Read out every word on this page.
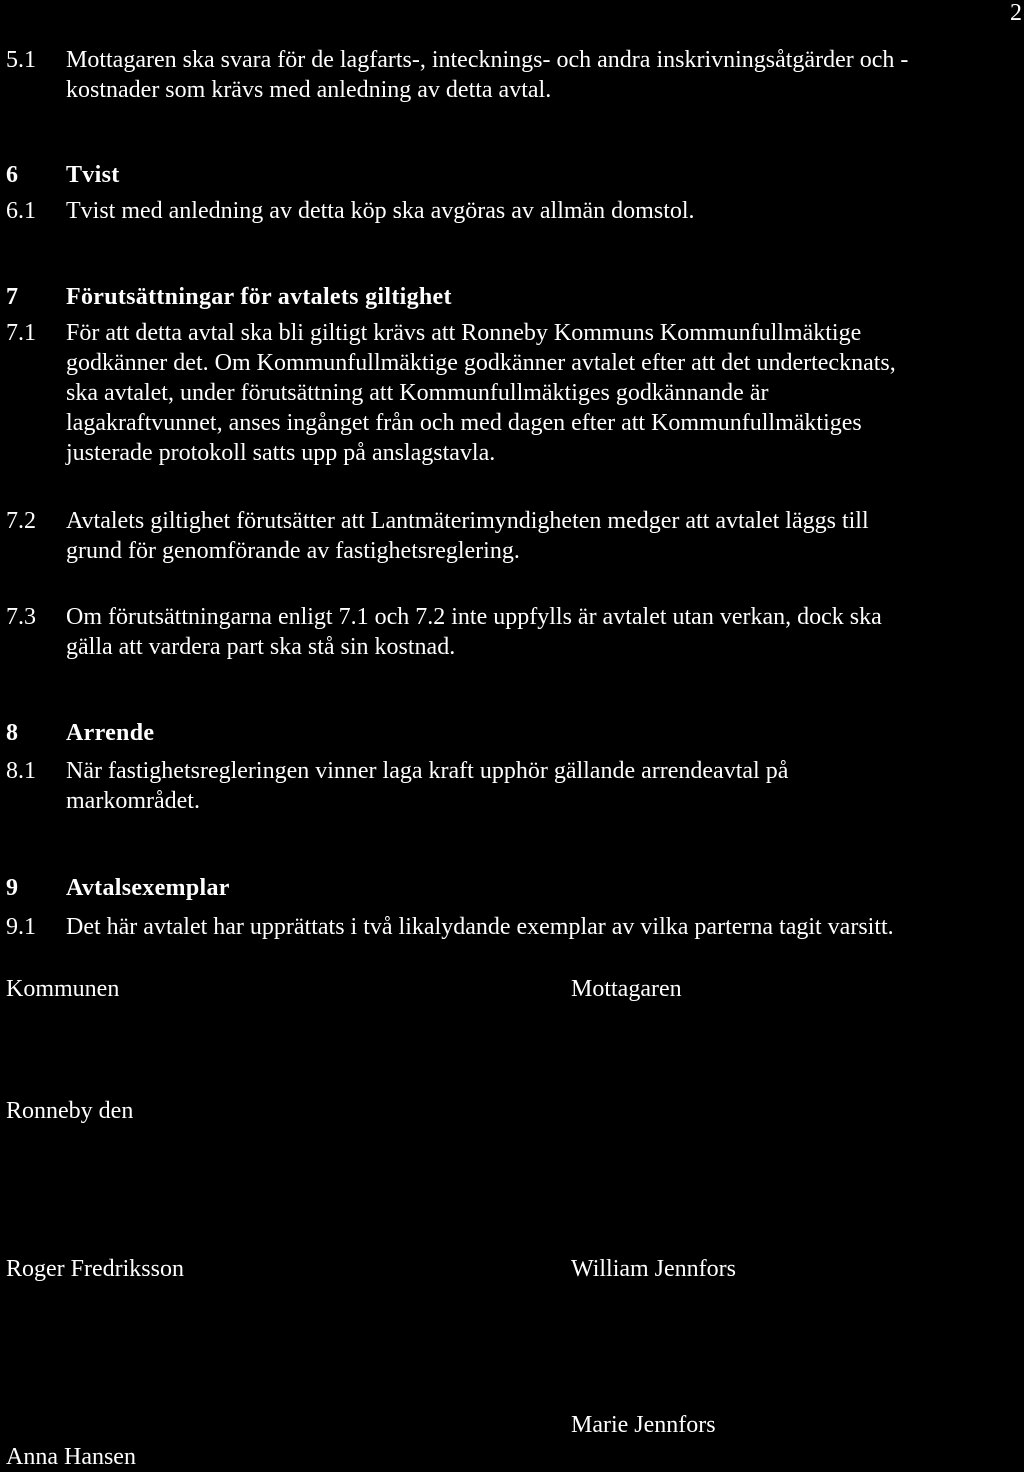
2
5.1 Mottagaren ska svara för de lagfarts-, intecknings- och andra inskrivningsåtgärder och -
kostnader som krävs med anledning av detta avtal.
6 Tvist
6.1 Tvist med anledning av detta köp ska avgöras av allmän domstol.
7 Förutsättningar för avtalets giltighet
7.1 För att detta avtal ska bli giltigt krävs att Ronneby Kommuns Kommunfullmäktige
godkänner det. Om Kommunfullmäktige godkänner avtalet efter att det undertecknats,
ska avtalet, under förutsättning att Kommunfullmäktiges godkännande är
lagakraftvunnet, anses ingånget från och med dagen efter att Kommunfullmäktiges
justerade protokoll satts upp på anslagstavla.
7.2 Avtalets giltighet förutsätter att Lantmäterimyndigheten medger att avtalet läggs till
grund för genomförande av fastighetsreglering.
7.3 Om förutsättningarna enligt 7.1 och 7.2 inte uppfylls är avtalet utan verkan, dock ska
gälla att vardera part ska stå sin kostnad.
8 Arrende
8.1 När fastighetsregleringen vinner laga kraft upphör gällande arrendeavtal på
markområdet.
9 Avtalsexemplar
9.1 Det här avtalet har upprättats i två likalydande exemplar av vilka parterna tagit varsitt.
Kommunen	Mottagaren
Ronneby den
Roger Fredriksson	William Jennfors
Marie Jennfors
Anna Hansen
